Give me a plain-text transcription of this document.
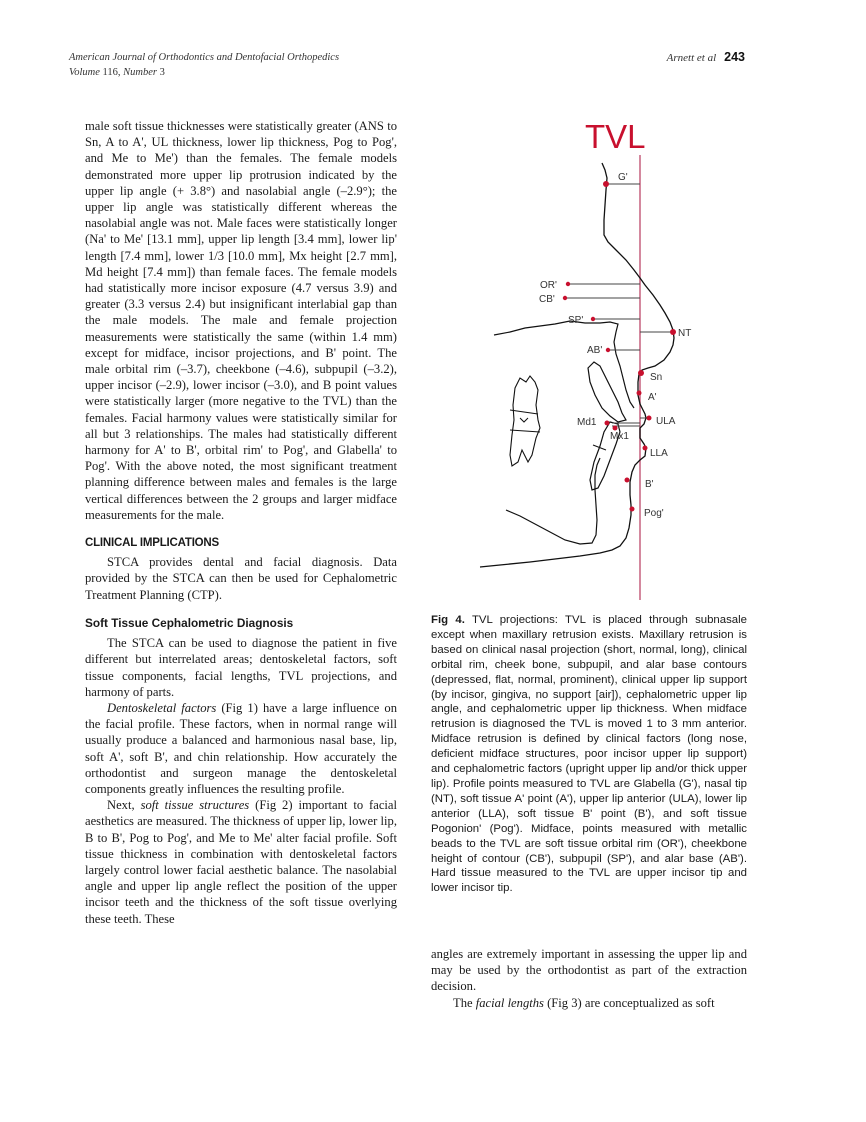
American Journal of Orthodontics and Dentofacial Orthopedics
Volume 116, Number 3
Arnett et al 243

male soft tissue thicknesses were statistically greater (ANS to Sn, A to A', UL thickness, lower lip thickness, Pog to Pog', and Me to Me') than the females. The female models demonstrated more upper lip protrusion indicated by the upper lip angle (+ 3.8°) and nasolabial angle (–2.9°); the upper lip angle was statistically different whereas the nasolabial angle was not. Male faces were statistically longer (Na' to Me' [13.1 mm], upper lip length [3.4 mm], lower lip' length [7.4 mm], lower 1/3 [10.0 mm], Mx height [2.7 mm], Md height [7.4 mm]) than female faces. The female models had statistically more incisor exposure (4.7 versus 3.9) and greater (3.3 versus 2.4) but insignificant interlabial gap than the male models. The male and female projection measurements were statistically the same (within 1.4 mm) except for midface, incisor projections, and B' point. The male orbital rim (–3.7), cheekbone (–4.6), subpupil (–3.2), upper incisor (–2.9), lower incisor (–3.0), and B point values were statistically larger (more negative to the TVL) than the females. Facial harmony values were statistically similar for all but 3 relationships. The males had statistically different harmony for A' to B', orbital rim' to Pog', and Glabella' to Pog'. With the above noted, the most significant treatment planning difference between males and females is the large vertical differences between the 2 groups and larger midface measurements for the male.

CLINICAL IMPLICATIONS

STCA provides dental and facial diagnosis. Data provided by the STCA can then be used for Cephalometric Treatment Planning (CTP).

Soft Tissue Cephalometric Diagnosis

The STCA can be used to diagnose the patient in five different but interrelated areas; dentoskeletal factors, soft tissue components, facial lengths, TVL projections, and harmony of parts.

Dentoskeletal factors (Fig 1) have a large influence on the facial profile. These factors, when in normal range will usually produce a balanced and harmonious nasal base, lip, soft A', soft B', and chin relationship. How accurately the orthodontist and surgeon manage the dentoskeletal components greatly influences the resulting profile.

Next, soft tissue structures (Fig 2) important to facial aesthetics are measured. The thickness of upper lip, lower lip, B to B', Pog to Pog', and Me to Me' alter facial profile. Soft tissue thickness in combination with dentoskeletal factors largely control lower facial aesthetic balance. The nasolabial angle and upper lip angle reflect the position of the upper incisor teeth and the thickness of the soft tissue overlying these teeth. These

TVL
G'
OR'
CB'
SP'
NT
AB'
Sn
A'
ULA
Md1
Mx1
LLA
B'
Pog'
Fig 4. TVL projections: TVL is placed through subnasale except when maxillary retrusion exists. Maxillary retrusion is based on clinical nasal projection (short, normal, long), clinical orbital rim, cheek bone, subpupil, and alar base contours (depressed, flat, normal, prominent), clinical upper lip support (by incisor, gingiva, no support [air]), cephalometric upper lip angle, and cephalometric upper lip thickness. When midface retrusion is diagnosed the TVL is moved 1 to 3 mm anterior. Midface retrusion is defined by clinical factors (long nose, deficient midface structures, poor incisor upper lip support) and cephalometric factors (upright upper lip and/or thick upper lip). Profile points measured to TVL are Glabella (G'), nasal tip (NT), soft tissue A' point (A'), upper lip anterior (ULA), lower lip anterior (LLA), soft tissue B' point (B'), and soft tissue Pogonion' (Pog'). Midface, points measured with metallic beads to the TVL are soft tissue orbital rim (OR'), cheekbone height of contour (CB'), subpupil (SP'), and alar base (AB'). Hard tissue measured to the TVL are upper incisor tip and lower incisor tip.

angles are extremely important in assessing the upper lip and may be used by the orthodontist as part of the extraction decision.

The facial lengths (Fig 3) are conceptualized as soft
